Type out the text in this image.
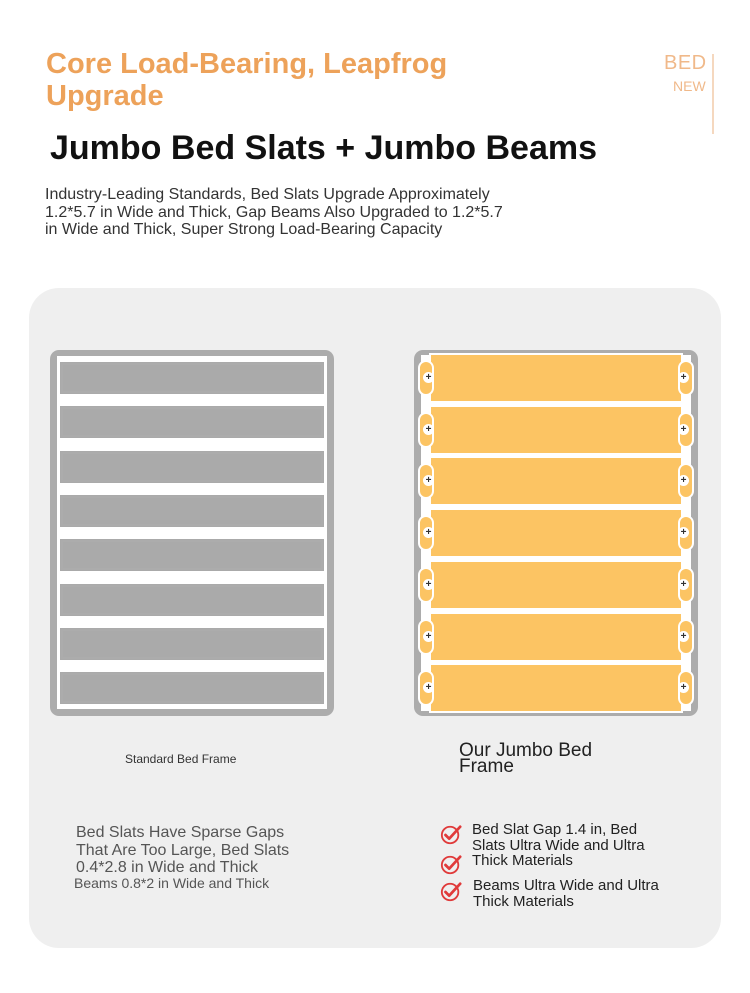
Core Load-Bearing, Leapfrog Upgrade
BED
NEW
Jumbo Bed Slats + Jumbo Beams
Industry-Leading Standards, Bed Slats Upgrade Approximately 1.2*5.7 in Wide and Thick, Gap Beams Also Upgraded to 1.2*5.7 in Wide and Thick, Super Strong Load-Bearing Capacity
+	+
+	+
+	+
+	+
+	+
+	+
+	+
Standard Bed Frame	Our Jumbo Bed Frame
Bed Slats Have Sparse Gaps That Are Too Large, Bed Slats 0.4*2.8 in Wide and Thick
Beams 0.8*2 in Wide and Thick
Bed Slat Gap 1.4 in, Bed Slats Ultra Wide and Ultra Thick Materials
Beams Ultra Wide and Ultra Thick Materials
